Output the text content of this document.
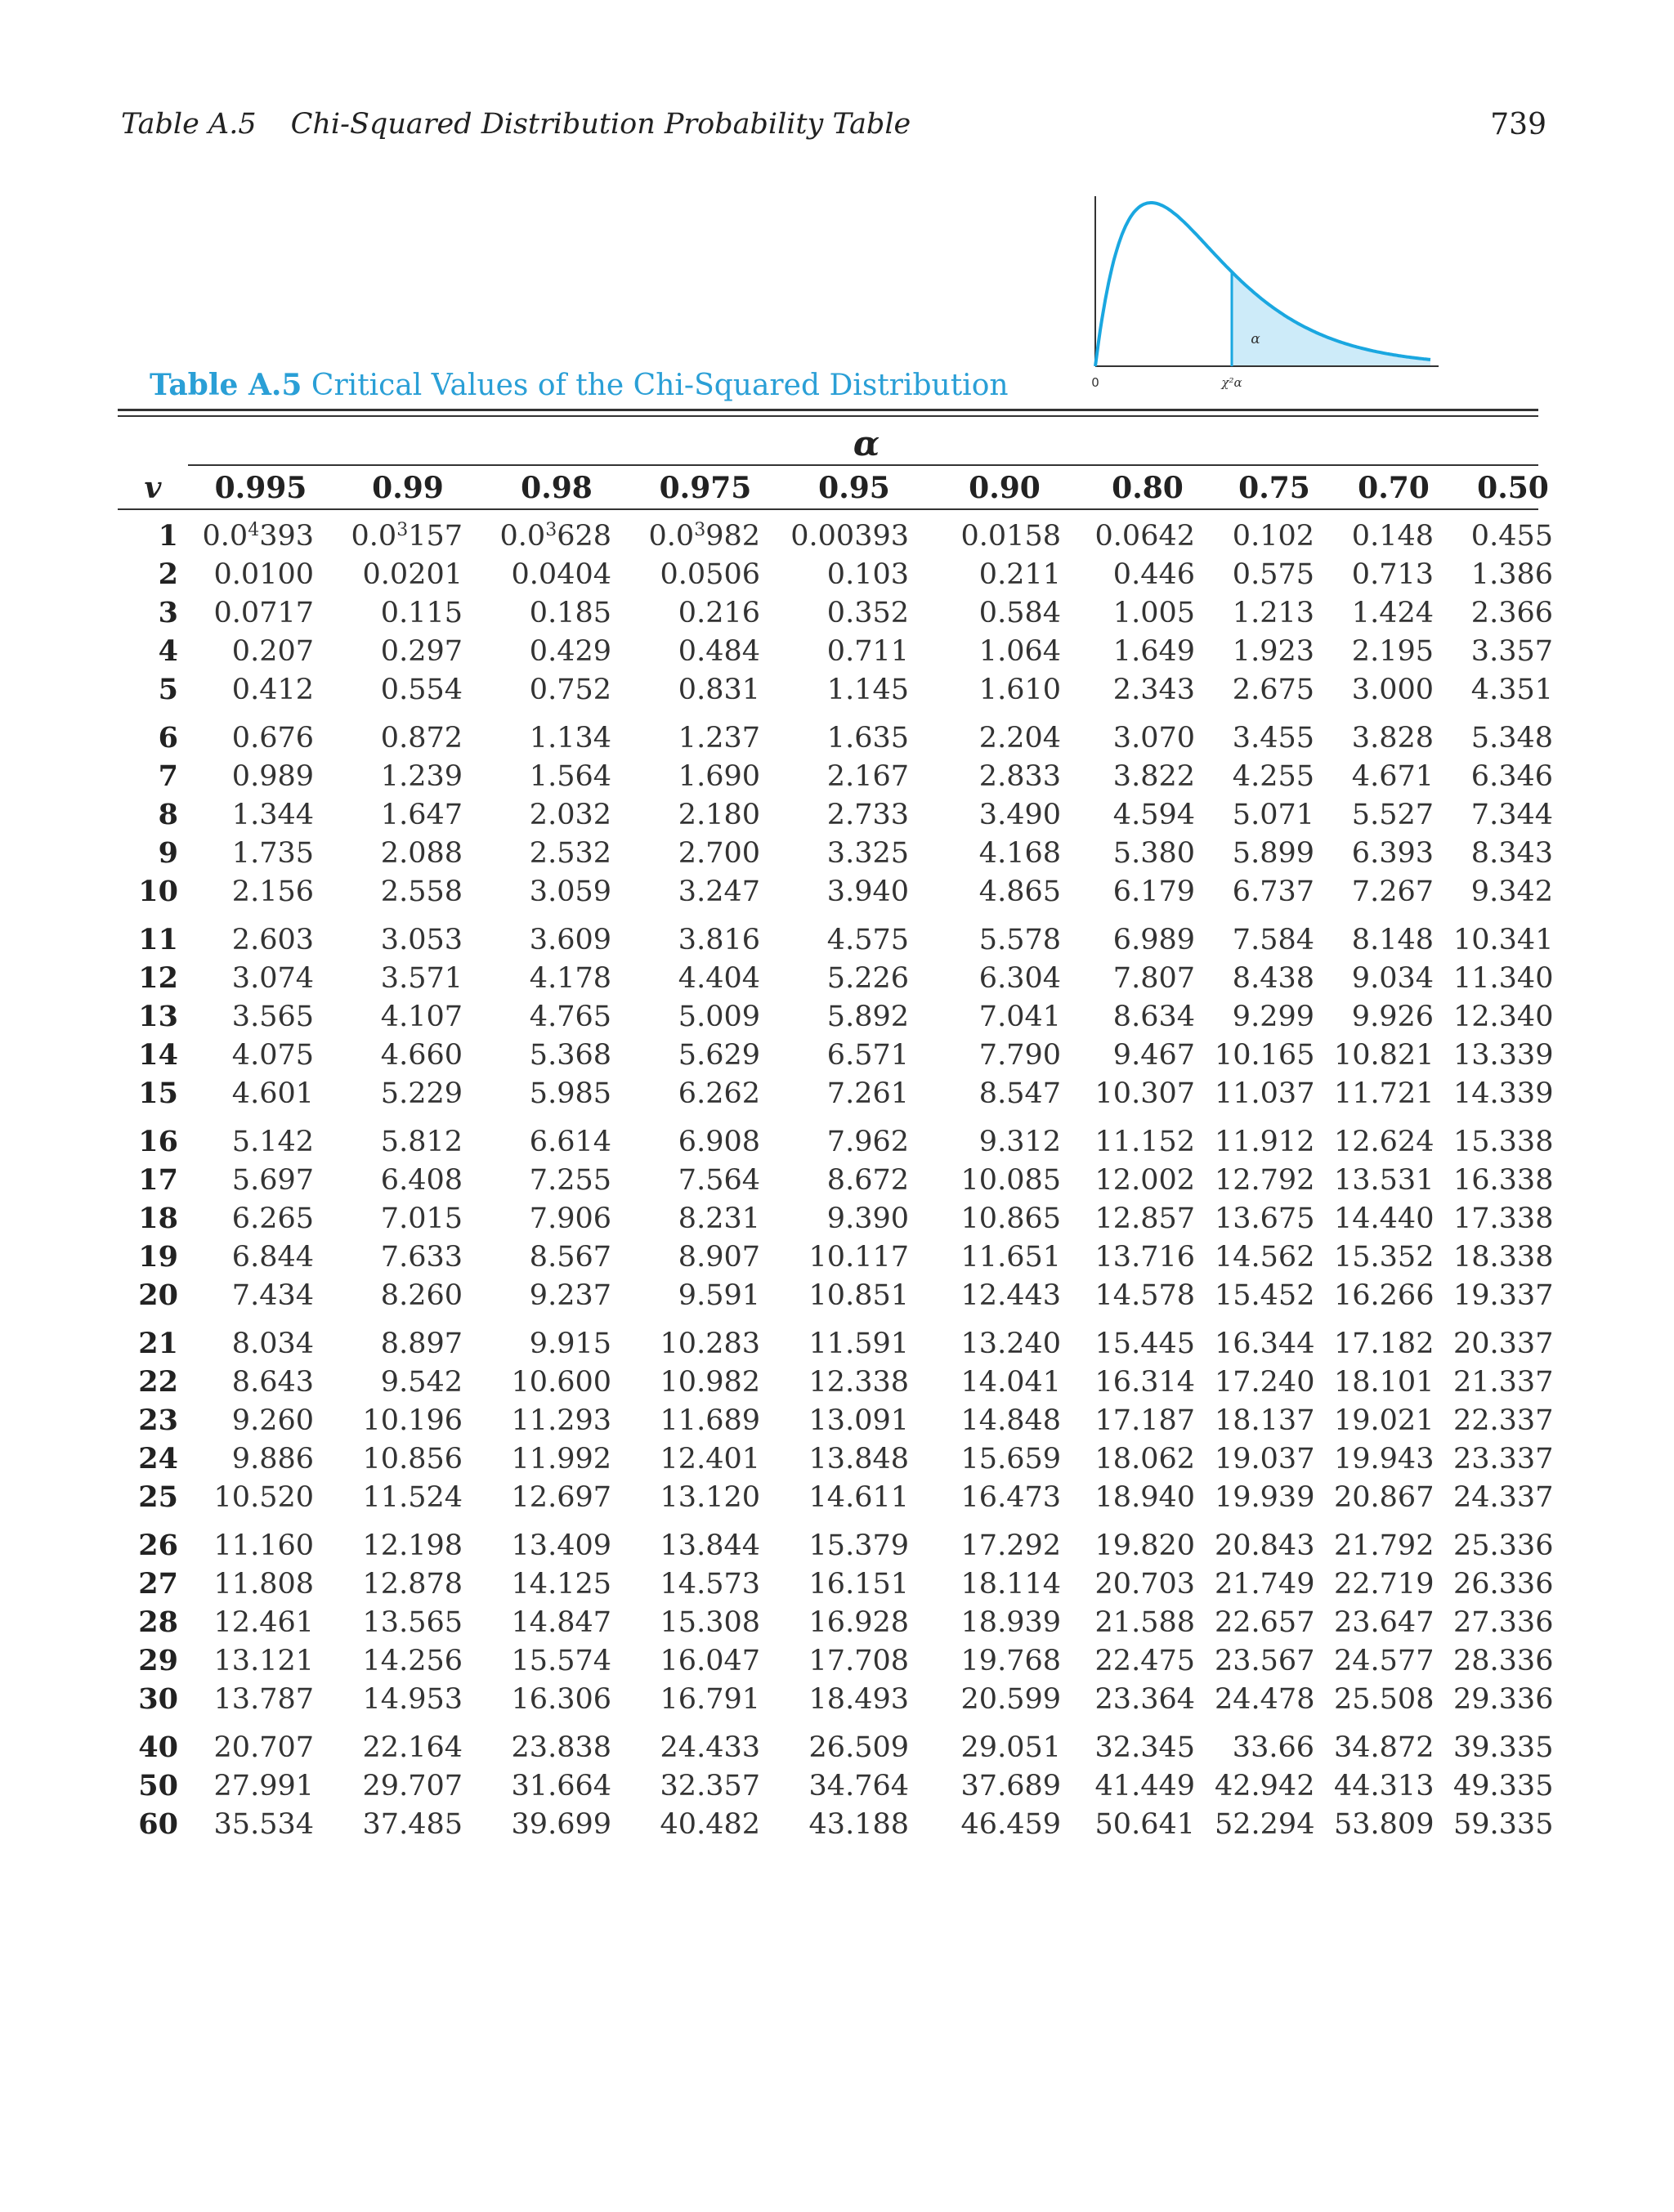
Table A.5 Chi-Squared Distribution Probability Table	739
0
α
χ²α
Table A.5 Critical Values of the Chi-Squared Distribution
α
v	0.995	0.99	0.98	0.975	0.95	0.90	0.80	0.75	0.70	0.50

1	$0.0^4393$	$0.0^3157$	$0.0^3628$	$0.0^3982$	0.00393	0.0158	0.0642	0.102	0.148	0.455
2	0.0100	0.0201	0.0404	0.0506	0.103	0.211	0.446	0.575	0.713	1.386
3	0.0717	0.115	0.185	0.216	0.352	0.584	1.005	1.213	1.424	2.366
4	0.207	0.297	0.429	0.484	0.711	1.064	1.649	1.923	2.195	3.357
5	0.412	0.554	0.752	0.831	1.145	1.610	2.343	2.675	3.000	4.351
6	0.676	0.872	1.134	1.237	1.635	2.204	3.070	3.455	3.828	5.348
7	0.989	1.239	1.564	1.690	2.167	2.833	3.822	4.255	4.671	6.346
8	1.344	1.647	2.032	2.180	2.733	3.490	4.594	5.071	5.527	7.344
9	1.735	2.088	2.532	2.700	3.325	4.168	5.380	5.899	6.393	8.343
10	2.156	2.558	3.059	3.247	3.940	4.865	6.179	6.737	7.267	9.342
11	2.603	3.053	3.609	3.816	4.575	5.578	6.989	7.584	8.148	10.341
12	3.074	3.571	4.178	4.404	5.226	6.304	7.807	8.438	9.034	11.340
13	3.565	4.107	4.765	5.009	5.892	7.041	8.634	9.299	9.926	12.340
14	4.075	4.660	5.368	5.629	6.571	7.790	9.467	10.165	10.821	13.339
15	4.601	5.229	5.985	6.262	7.261	8.547	10.307	11.037	11.721	14.339
16	5.142	5.812	6.614	6.908	7.962	9.312	11.152	11.912	12.624	15.338
17	5.697	6.408	7.255	7.564	8.672	10.085	12.002	12.792	13.531	16.338
18	6.265	7.015	7.906	8.231	9.390	10.865	12.857	13.675	14.440	17.338
19	6.844	7.633	8.567	8.907	10.117	11.651	13.716	14.562	15.352	18.338
20	7.434	8.260	9.237	9.591	10.851	12.443	14.578	15.452	16.266	19.337
21	8.034	8.897	9.915	10.283	11.591	13.240	15.445	16.344	17.182	20.337
22	8.643	9.542	10.600	10.982	12.338	14.041	16.314	17.240	18.101	21.337
23	9.260	10.196	11.293	11.689	13.091	14.848	17.187	18.137	19.021	22.337
24	9.886	10.856	11.992	12.401	13.848	15.659	18.062	19.037	19.943	23.337
25	10.520	11.524	12.697	13.120	14.611	16.473	18.940	19.939	20.867	24.337
26	11.160	12.198	13.409	13.844	15.379	17.292	19.820	20.843	21.792	25.336
27	11.808	12.878	14.125	14.573	16.151	18.114	20.703	21.749	22.719	26.336
28	12.461	13.565	14.847	15.308	16.928	18.939	21.588	22.657	23.647	27.336
29	13.121	14.256	15.574	16.047	17.708	19.768	22.475	23.567	24.577	28.336
30	13.787	14.953	16.306	16.791	18.493	20.599	23.364	24.478	25.508	29.336
40	20.707	22.164	23.838	24.433	26.509	29.051	32.345	33.66	34.872	39.335
50	27.991	29.707	31.664	32.357	34.764	37.689	41.449	42.942	44.313	49.335
60	35.534	37.485	39.699	40.482	43.188	46.459	50.641	52.294	53.809	59.335
